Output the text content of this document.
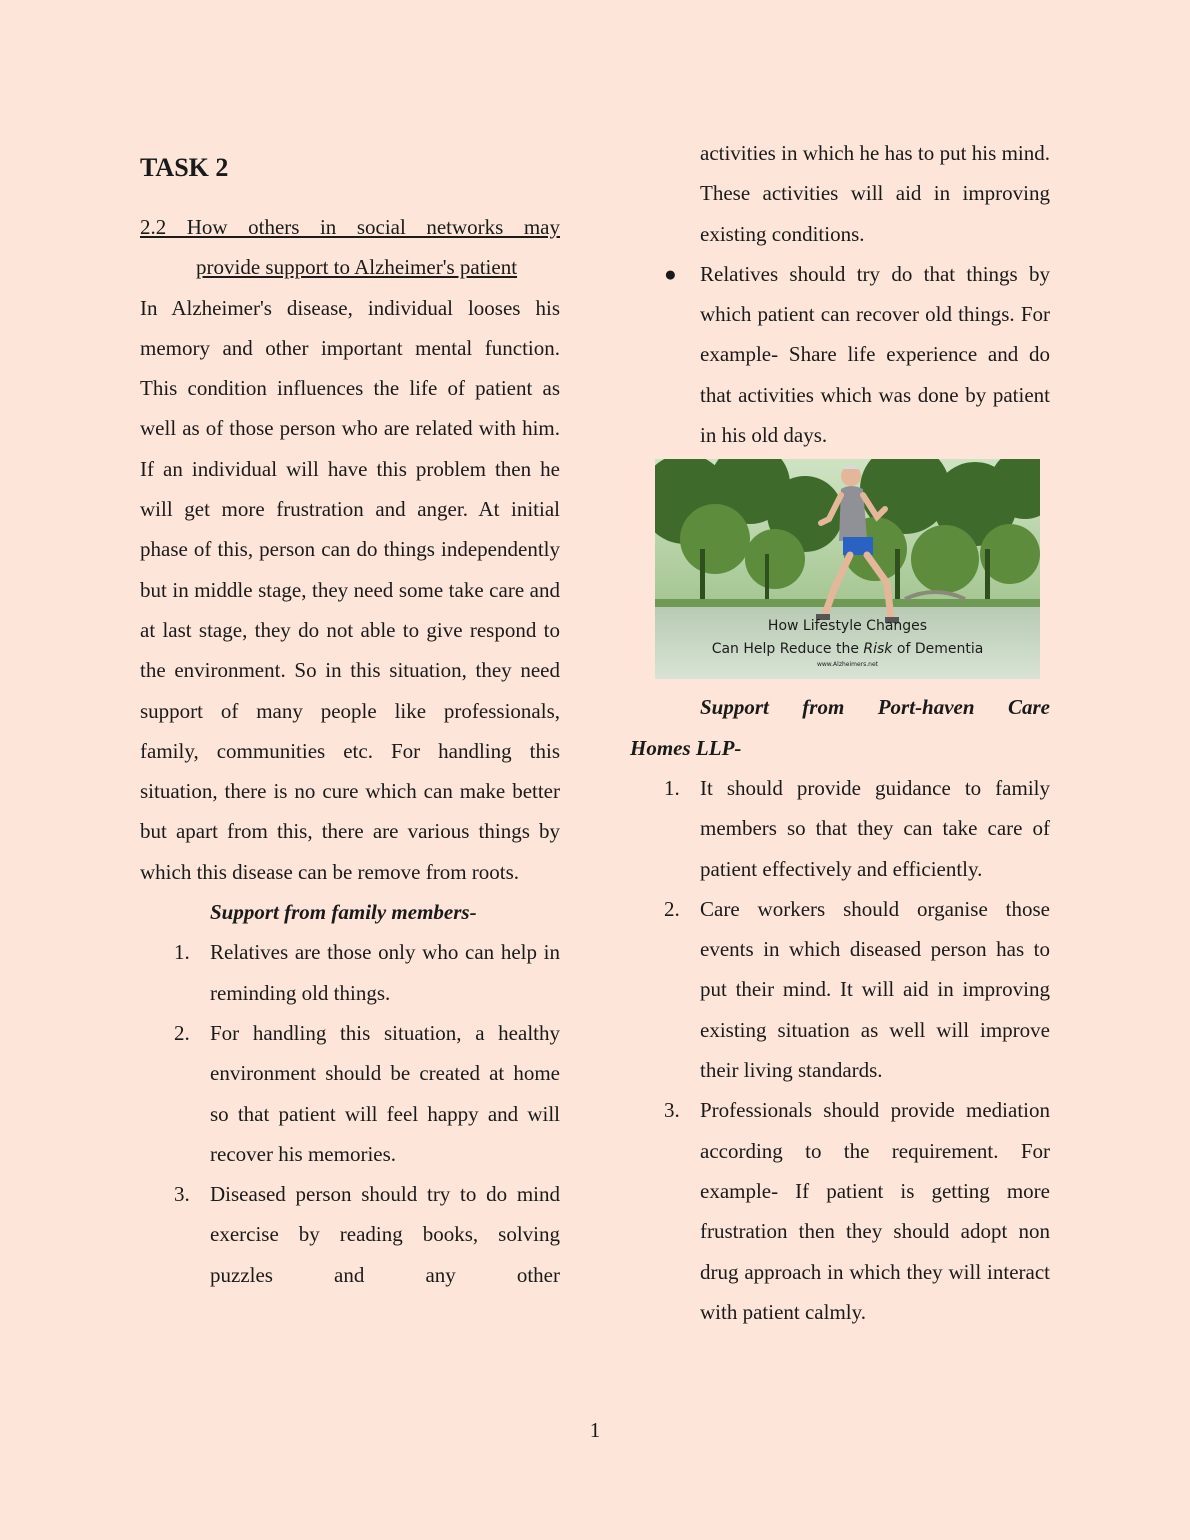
TASK 2
2.2 How others in social networks may
provide support to Alzheimer's patient
In Alzheimer's disease, individual looses his memory and other important mental function. This condition influences the life of patient as well as of those person who are related with him. If an individual will have this problem then he will get more frustration and anger. At initial phase of this, person can do things independently but in middle stage, they need some take care and at last stage, they do not able to give respond to the environment. So in this situation, they need support of many people like professionals, family, communities etc. For handling this situation, there is no cure which can make better but apart from this, there are various things by which this disease can be remove from roots.
Support from family members-
1. Relatives are those only who can help in reminding old things.
2. For handling this situation, a healthy environment should be created at home so that patient will feel happy and will recover his memories.
3. Diseased person should try to do mind exercise by reading books, solving puzzles and any other
activities in which he has to put his mind. These activities will aid in improving existing conditions.
● Relatives should try do that things by which patient can recover old things. For example- Share life experience and do that activities which was done by patient in his old days.
How Lifestyle Changes
Can Help Reduce the Risk of Dementia
www.Alzheimers.net
Support from Port-haven Care
Homes LLP-
1. It should provide guidance to family members so that they can take care of patient effectively and efficiently.
2. Care workers should organise those events in which diseased person has to put their mind. It will aid in improving existing situation as well will improve their living standards.
3. Professionals should provide mediation according to the requirement. For example- If patient is getting more frustration then they should adopt non drug approach in which they will interact with patient calmly.
1
